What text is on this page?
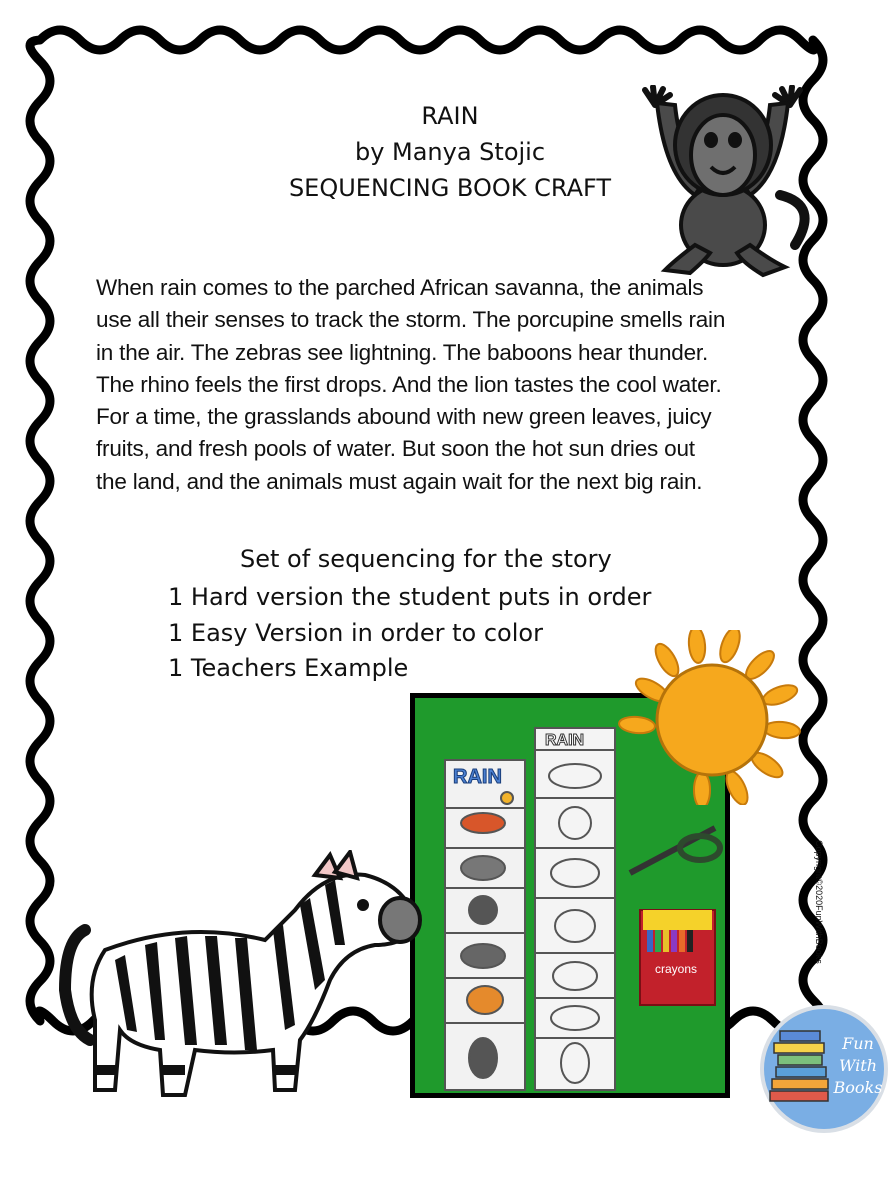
RAIN
by Manya Stojic
SEQUENCING BOOK CRAFT
When rain comes to the parched African savanna, the animals
use all their senses to track the storm. The porcupine smells rain
in the air. The zebras see lightning. The baboons hear thunder.
The rhino feels the first drops. And the lion tastes the cool water.
For a time, the grasslands abound with new green leaves, juicy
fruits, and fresh pools of water. But soon the hot sun dries out
the land, and the animals must again wait for the next big rain.
Set of sequencing for the story
1 Hard version the student puts in order
1 Easy Version in order to color
1 Teachers Example
RAIN
RAIN
crayons
Copyright©2020FunWithBooks
Fun
With
Books
